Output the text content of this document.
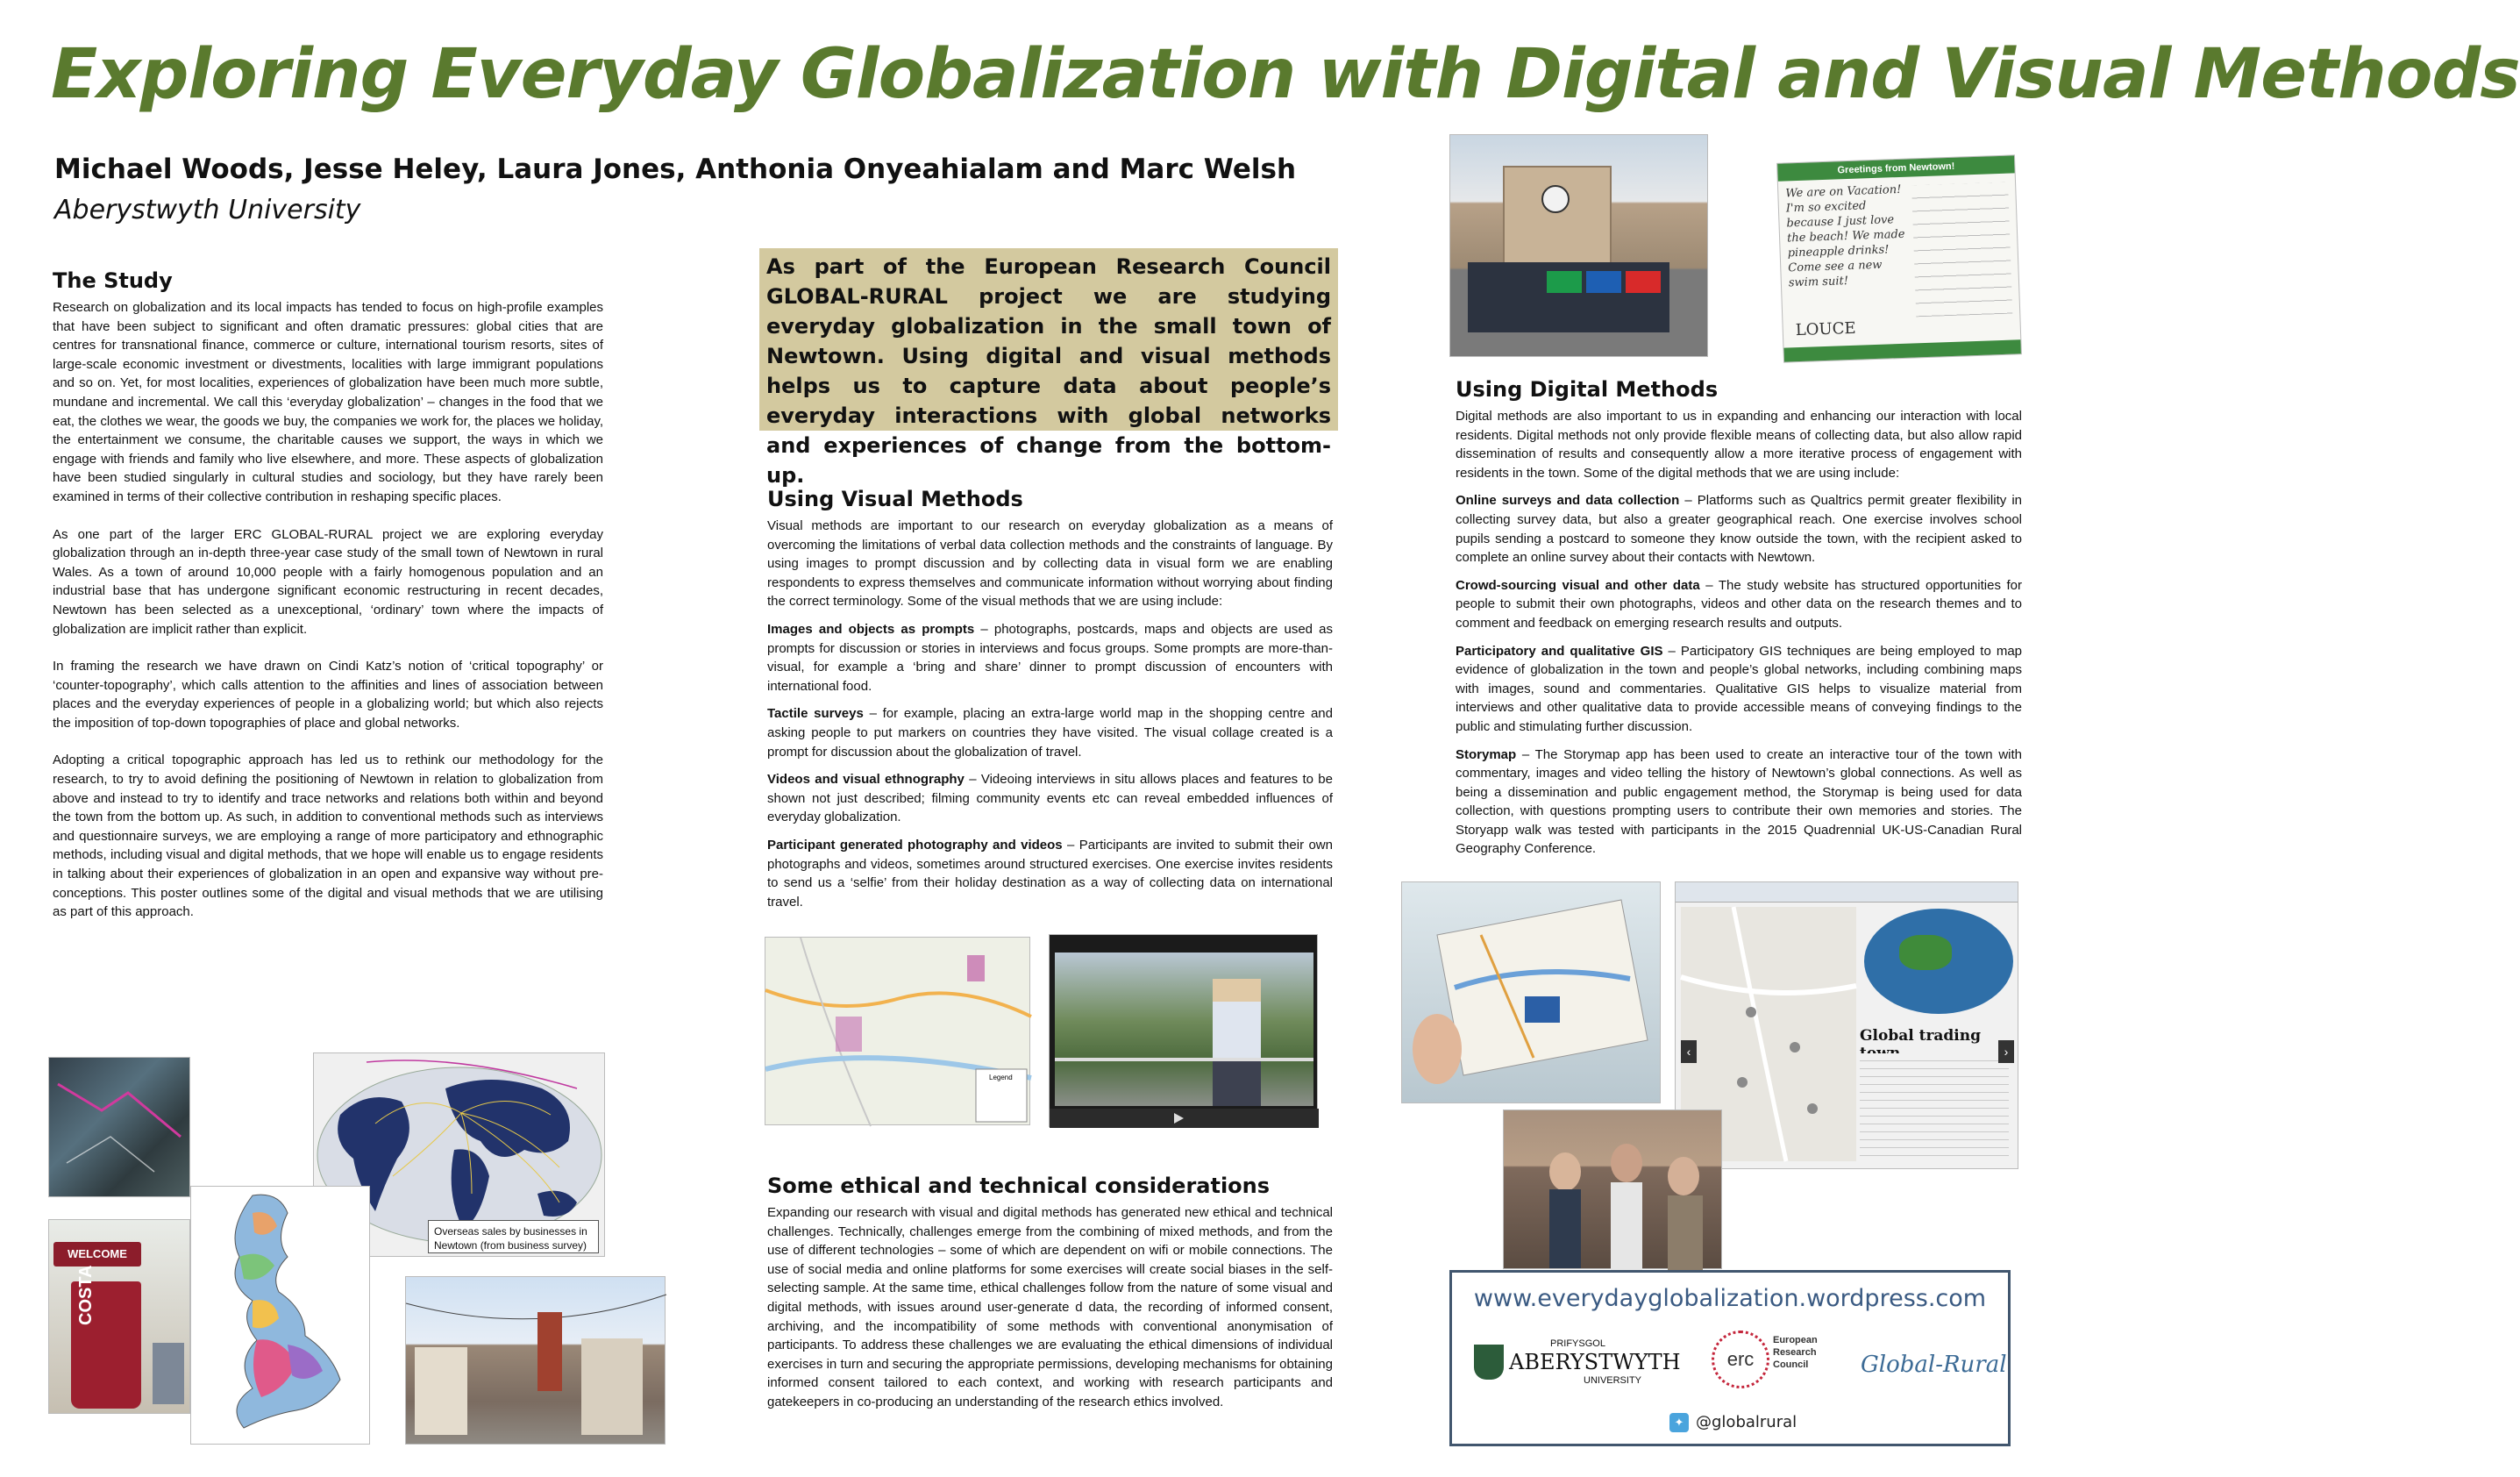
Exploring Everyday Globalization with Digital and Visual Methods
Michael Woods, Jesse Heley, Laura Jones, Anthonia Onyeahialam and Marc Welsh
Aberystwyth University
The Study

Research on globalization and its local impacts has tended to focus on high-profile examples that have been subject to significant and often dramatic pressures: global cities that are centres for transnational finance, commerce or culture, international tourism resorts, sites of large-scale economic investment or divestments, localities with large immigrant populations and so on. Yet, for most localities, experiences of globalization have been much more subtle, mundane and incremental. We call this ‘everyday globalization’ – changes in the food that we eat, the clothes we wear, the goods we buy, the companies we work for, the places we holiday, the entertainment we consume, the charitable causes we support, the ways in which we engage with friends and family who live elsewhere, and more. These aspects of globalization have been studied singularly in cultural studies and sociology, but they have rarely been examined in terms of their collective contribution in reshaping specific places.

As one part of the larger ERC GLOBAL-RURAL project we are exploring everyday globalization through an in-depth three-year case study of the small town of Newtown in rural Wales. As a town of around 10,000 people with a fairly homogenous population and an industrial base that has undergone significant economic restructuring in recent decades, Newtown has been selected as a unexceptional, ‘ordinary’ town where the impacts of globalization are implicit rather than explicit.

In framing the research we have drawn on Cindi Katz’s notion of ‘critical topography’ or ‘counter-topography’, which calls attention to the affinities and lines of association between places and the everyday experiences of people in a globalizing world; but which also rejects the imposition of top-down topographies of place and global networks.

Adopting a critical topographic approach has led us to rethink our methodology for the research, to try to avoid defining the positioning of Newtown in relation to globalization from above and instead to try to identify and trace networks and relations both within and beyond the town from the bottom up. As such, in addition to conventional methods such as interviews and questionnaire surveys, we are employing a range of more participatory and ethnographic methods, including visual and digital methods, that we hope will enable us to engage residents in talking about their experiences of globalization in an open and expansive way without pre-conceptions. This poster outlines some of the digital and visual methods that we are utilising as part of this approach.

Overseas sales by businesses in Newtown (from business survey)
WELCOME
COSTA
As part of the European Research Council GLOBAL-RURAL project we are studying everyday globalization in the small town of Newtown. Using digital and visual methods helps us to capture data about people’s everyday interactions with global networks and experiences of change from the bottom-up.
Using Visual Methods

Visual methods are important to our research on everyday globalization as a means of overcoming the limitations of verbal data collection methods and the constraints of language. By using images to prompt discussion and by collecting data in visual form we are enabling respondents to express themselves and communicate information without worrying about finding the correct terminology. Some of the visual methods that we are using include:

Images and objects as prompts – photographs, postcards, maps and objects are used as prompts for discussion or stories in interviews and focus groups. Some prompts are more-than-visual, for example a ‘bring and share’ dinner to prompt discussion of encounters with international food.

Tactile surveys – for example, placing an extra-large world map in the shopping centre and asking people to put markers on countries they have visited. The visual collage created is a prompt for discussion about the globalization of travel.

Videos and visual ethnography – Videoing interviews in situ allows places and features to be shown not just described; filming community events etc can reveal embedded influences of everyday globalization.

Participant generated photography and videos – Participants are invited to submit their own photographs and videos, sometimes around structured exercises. One exercise invites residents to send us a ‘selfie’ from their holiday destination as a way of collecting data on international travel.

Legend
Some ethical and technical considerations

Expanding our research with visual and digital methods has generated new ethical and technical challenges. Technically, challenges emerge from the combining of mixed methods, and from the use of different technologies – some of which are dependent on wifi or mobile connections. The use of social media and online platforms for some exercises will create social biases in the self-selecting sample. At the same time, ethical challenges follow from the nature of some visual and digital methods, with issues around user-generate d data, the recording of informed consent, archiving, and the incompatibility of some methods with conventional anonymisation of participants. To address these challenges we are evaluating the ethical dimensions of individual exercises in turn and securing the appropriate permissions, developing mechanisms for obtaining informed consent tailored to each context, and working with research participants and gatekeepers in co-producing an understanding of the research ethics involved.

Greetings from Newtown!
We are on Vacation! I'm so excited because I just love the beach! We made pineapple drinks! Come see a new swim suit!
LOUCE
Using Digital Methods

Digital methods are also important to us in expanding and enhancing our interaction with local residents. Digital methods not only provide flexible means of collecting data, but also allow rapid dissemination of results and consequently allow a more iterative process of engagement with residents in the town. Some of the digital methods that we are using include:

Online surveys and data collection – Platforms such as Qualtrics permit greater flexibility in collecting survey data, but also a greater geographical reach. One exercise involves school pupils sending a postcard to someone they know outside the town, with the recipient asked to complete an online survey about their contacts with Newtown.

Crowd-sourcing visual and other data – The study website has structured opportunities for people to submit their own photographs, videos and other data on the research themes and to comment and feedback on emerging research results and outputs.

Participatory and qualitative GIS – Participatory GIS techniques are being employed to map evidence of globalization in the town and people’s global networks, including combining maps with images, sound and commentaries. Qualitative GIS helps to visualize material from interviews and other qualitative data to provide accessible means of conveying findings to the public and stimulating further discussion.

Storymap – The Storymap app has been used to create an interactive tour of the town with commentary, images and video telling the history of Newtown’s global connections. As well as being a dissemination and public engagement method, the Storymap is being used for data collection, with questions prompting users to contribute their own memories and stories. The Storyapp walk was tested with participants in the 2015 Quadrennial UK-US-Canadian Rural Geography Conference.

Global trading
‹	›
www.everydayglobalization.wordpress.com
PRIFYSGOL
ABERYSTWYTH
UNIVERSITY
erc
European Research Council	Global-Rural
✦ @globalrural
